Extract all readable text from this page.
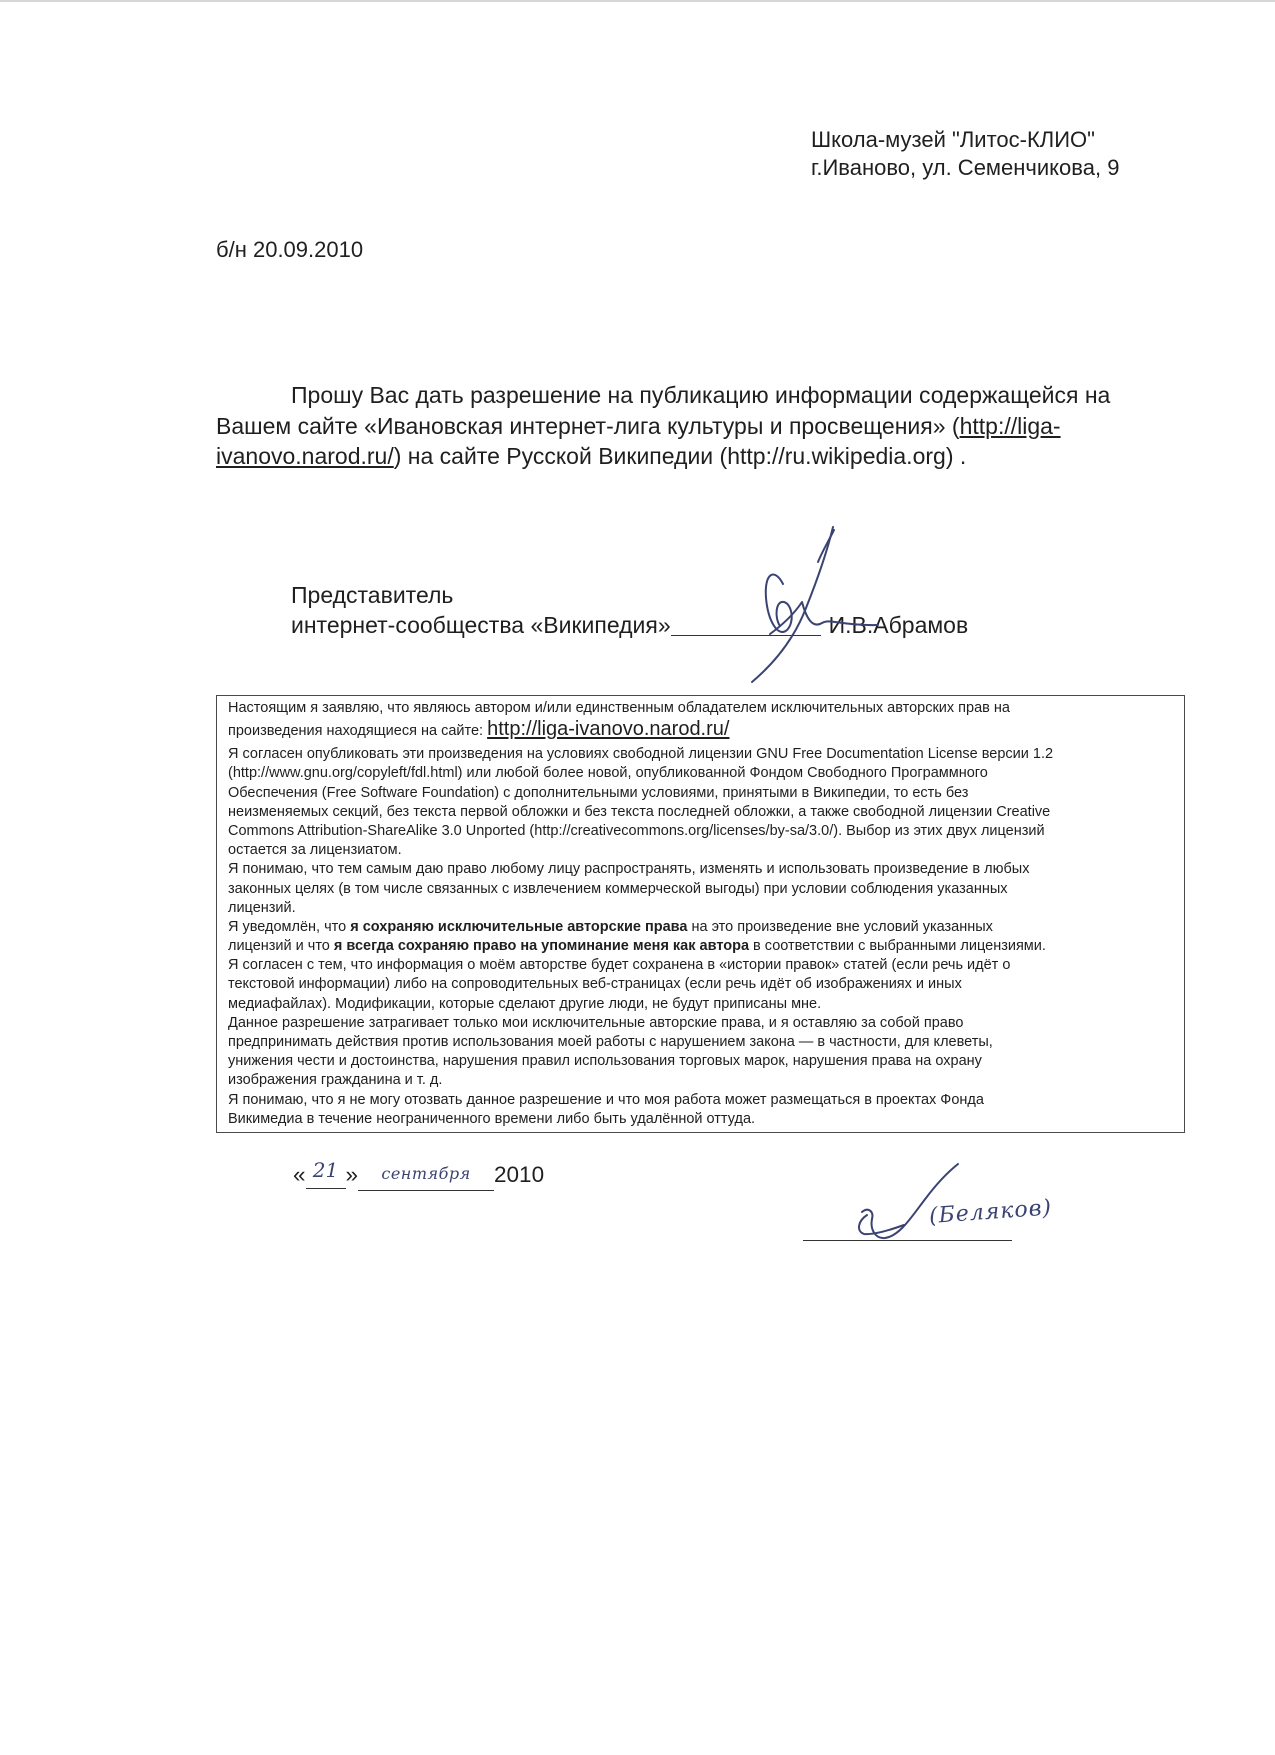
Школа-музей "Литос-КЛИО"
г.Иваново, ул. Семенчикова, 9
б/н 20.09.2010
Прошу Вас дать разрешение на публикацию информации содержащейся на
Вашем сайте «Ивановская интернет-лига культуры и просвещения» (http://liga-
ivanovo.narod.ru/) на сайте Русской Википедии (http://ru.wikipedia.org) .
Представитель
интернет-сообщества «Википедия»	И.В.Абрамов
Настоящим я заявляю, что являюсь автором и/или единственным обладателем исключительных авторских прав на
произведения находящиеся на сайте: http://liga-ivanovo.narod.ru/
Я согласен опубликовать эти произведения на условиях свободной лицензии GNU Free Documentation License версии 1.2
(http://www.gnu.org/copyleft/fdl.html) или любой более новой, опубликованной Фондом Свободного Программного
Обеспечения (Free Software Foundation) с дополнительными условиями, принятыми в Википедии, то есть без
неизменяемых секций, без текста первой обложки и без текста последней обложки, а также свободной лицензии Creative
Commons Attribution-ShareAlike 3.0 Unported (http://creativecommons.org/licenses/by-sa/3.0/). Выбор из этих двух лицензий
остается за лицензиатом.
Я понимаю, что тем самым даю право любому лицу распространять, изменять и использовать произведение в любых
законных целях (в том числе связанных с извлечением коммерческой выгоды) при условии соблюдения указанных
лицензий.
Я уведомлён, что я сохраняю исключительные авторские права на это произведение вне условий указанных
лицензий и что я всегда сохраняю право на упоминание меня как автора в соответствии с выбранными лицензиями.
Я согласен с тем, что информация о моём авторстве будет сохранена в «истории правок» статей (если речь идёт о
текстовой информации) либо на сопроводительных веб-страницах (если речь идёт об изображениях и иных
медиафайлах). Модификации, которые сделают другие люди, не будут приписаны мне.
Данное разрешение затрагивает только мои исключительные авторские права, и я оставляю за собой право
предпринимать действия против использования моей работы с нарушением закона — в частности, для клеветы,
унижения чести и достоинства, нарушения правил использования торговых марок, нарушения права на охрану
изображения гражданина и т. д.
Я понимаю, что я не могу отозвать данное разрешение и что моя работа может размещаться в проектах Фонда
Викимедиа в течение неограниченного времени либо быть удалённой оттуда.
« 21 » сентября 2010
(Беляков)
